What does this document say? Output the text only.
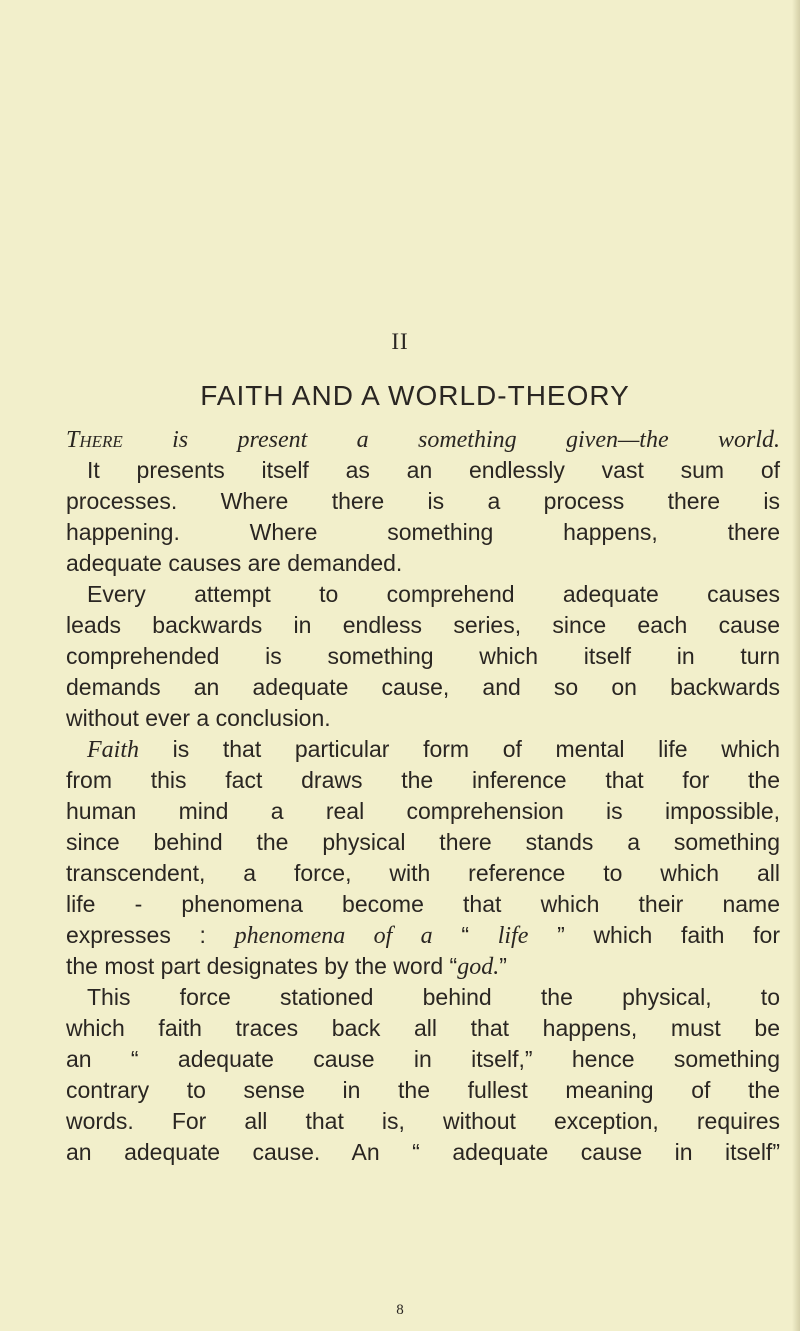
II
FAITH AND A WORLD-THEORY
There is present a something given—the world.
It presents itself as an endlessly vast sum of
processes. Where there is a process there is
happening. Where something happens, there
adequate causes are demanded.
Every attempt to comprehend adequate causes
leads backwards in endless series, since each cause
comprehended is something which itself in turn
demands an adequate cause, and so on backwards
without ever a conclusion.
Faith is that particular form of mental life which
from this fact draws the inference that for the
human mind a real comprehension is impossible,
since behind the physical there stands a something
transcendent, a force, with reference to which all
life - phenomena become that which their name
expresses : phenomena of a “ life ” which faith for
the most part designates by the word “god.”
This force stationed behind the physical, to
which faith traces back all that happens, must be
an “ adequate cause in itself,” hence something
contrary to sense in the fullest meaning of the
words. For all that is, without exception, requires
an adequate cause. An “ adequate cause in itself”
8
